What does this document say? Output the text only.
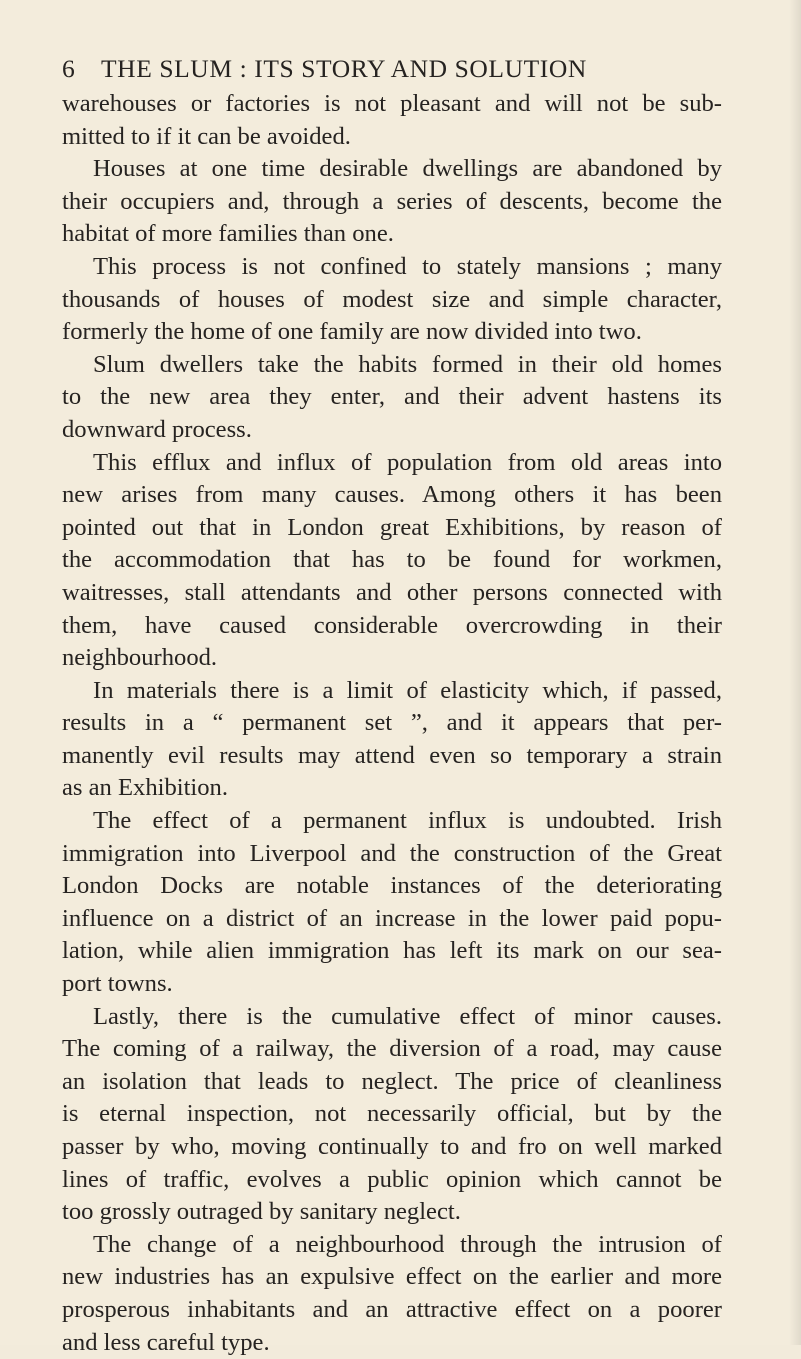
6 THE SLUM : ITS STORY AND SOLUTION
warehouses or factories is not pleasant and will not be sub-
mitted to if it can be avoided.
Houses at one time desirable dwellings are abandoned by
their occupiers and, through a series of descents, become the
habitat of more families than one.
This process is not confined to stately mansions ; many
thousands of houses of modest size and simple character,
formerly the home of one family are now divided into two.
Slum dwellers take the habits formed in their old homes
to the new area they enter, and their advent hastens its
downward process.
This efflux and influx of population from old areas into
new arises from many causes. Among others it has been
pointed out that in London great Exhibitions, by reason of
the accommodation that has to be found for workmen,
waitresses, stall attendants and other persons connected with
them, have caused considerable overcrowding in their
neighbourhood.
In materials there is a limit of elasticity which, if passed,
results in a “ permanent set ”, and it appears that per-
manently evil results may attend even so temporary a strain
as an Exhibition.
The effect of a permanent influx is undoubted. Irish
immigration into Liverpool and the construction of the Great
London Docks are notable instances of the deteriorating
influence on a district of an increase in the lower paid popu-
lation, while alien immigration has left its mark on our sea-
port towns.
Lastly, there is the cumulative effect of minor causes.
The coming of a railway, the diversion of a road, may cause
an isolation that leads to neglect. The price of cleanliness
is eternal inspection, not necessarily official, but by the
passer by who, moving continually to and fro on well marked
lines of traffic, evolves a public opinion which cannot be
too grossly outraged by sanitary neglect.
The change of a neighbourhood through the intrusion of
new industries has an expulsive effect on the earlier and more
prosperous inhabitants and an attractive effect on a poorer
and less careful type.
